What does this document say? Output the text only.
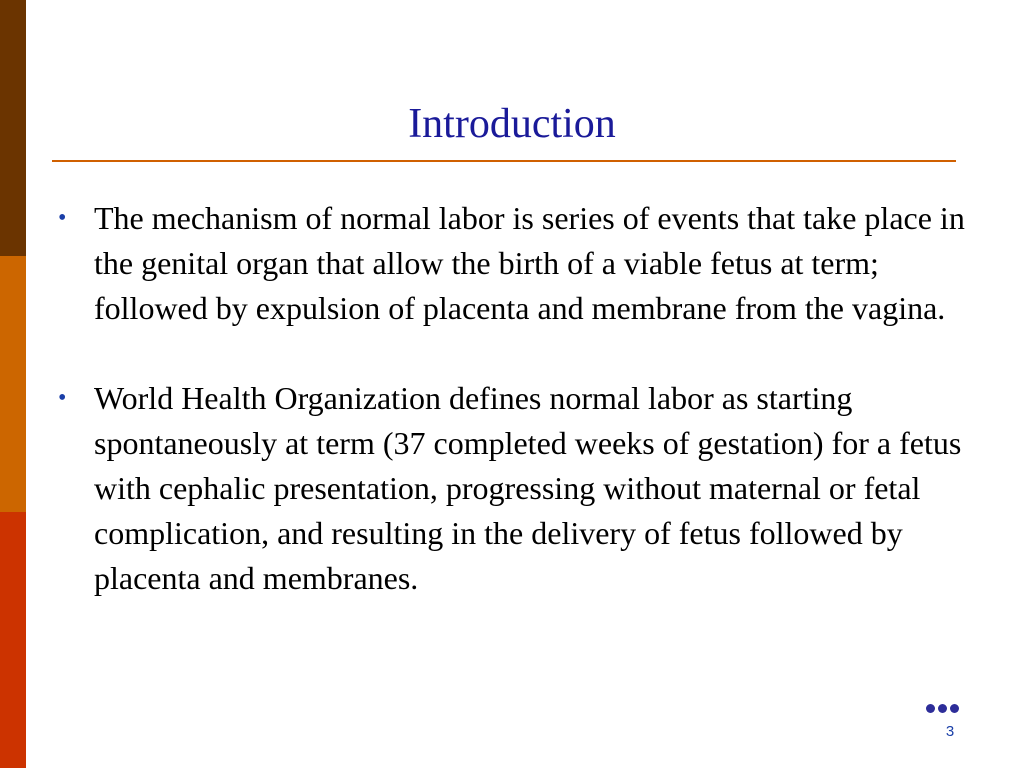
Introduction
• The mechanism of normal labor is series of events that take place in the genital organ that allow the birth of a viable fetus at term; followed by expulsion of placenta and membrane from the vagina.
• World Health Organization defines normal labor as starting spontaneously at term (37 completed weeks of gestation) for a fetus with cephalic presentation, progressing without maternal or fetal complication, and resulting in the delivery of fetus followed by placenta and membranes.
3
